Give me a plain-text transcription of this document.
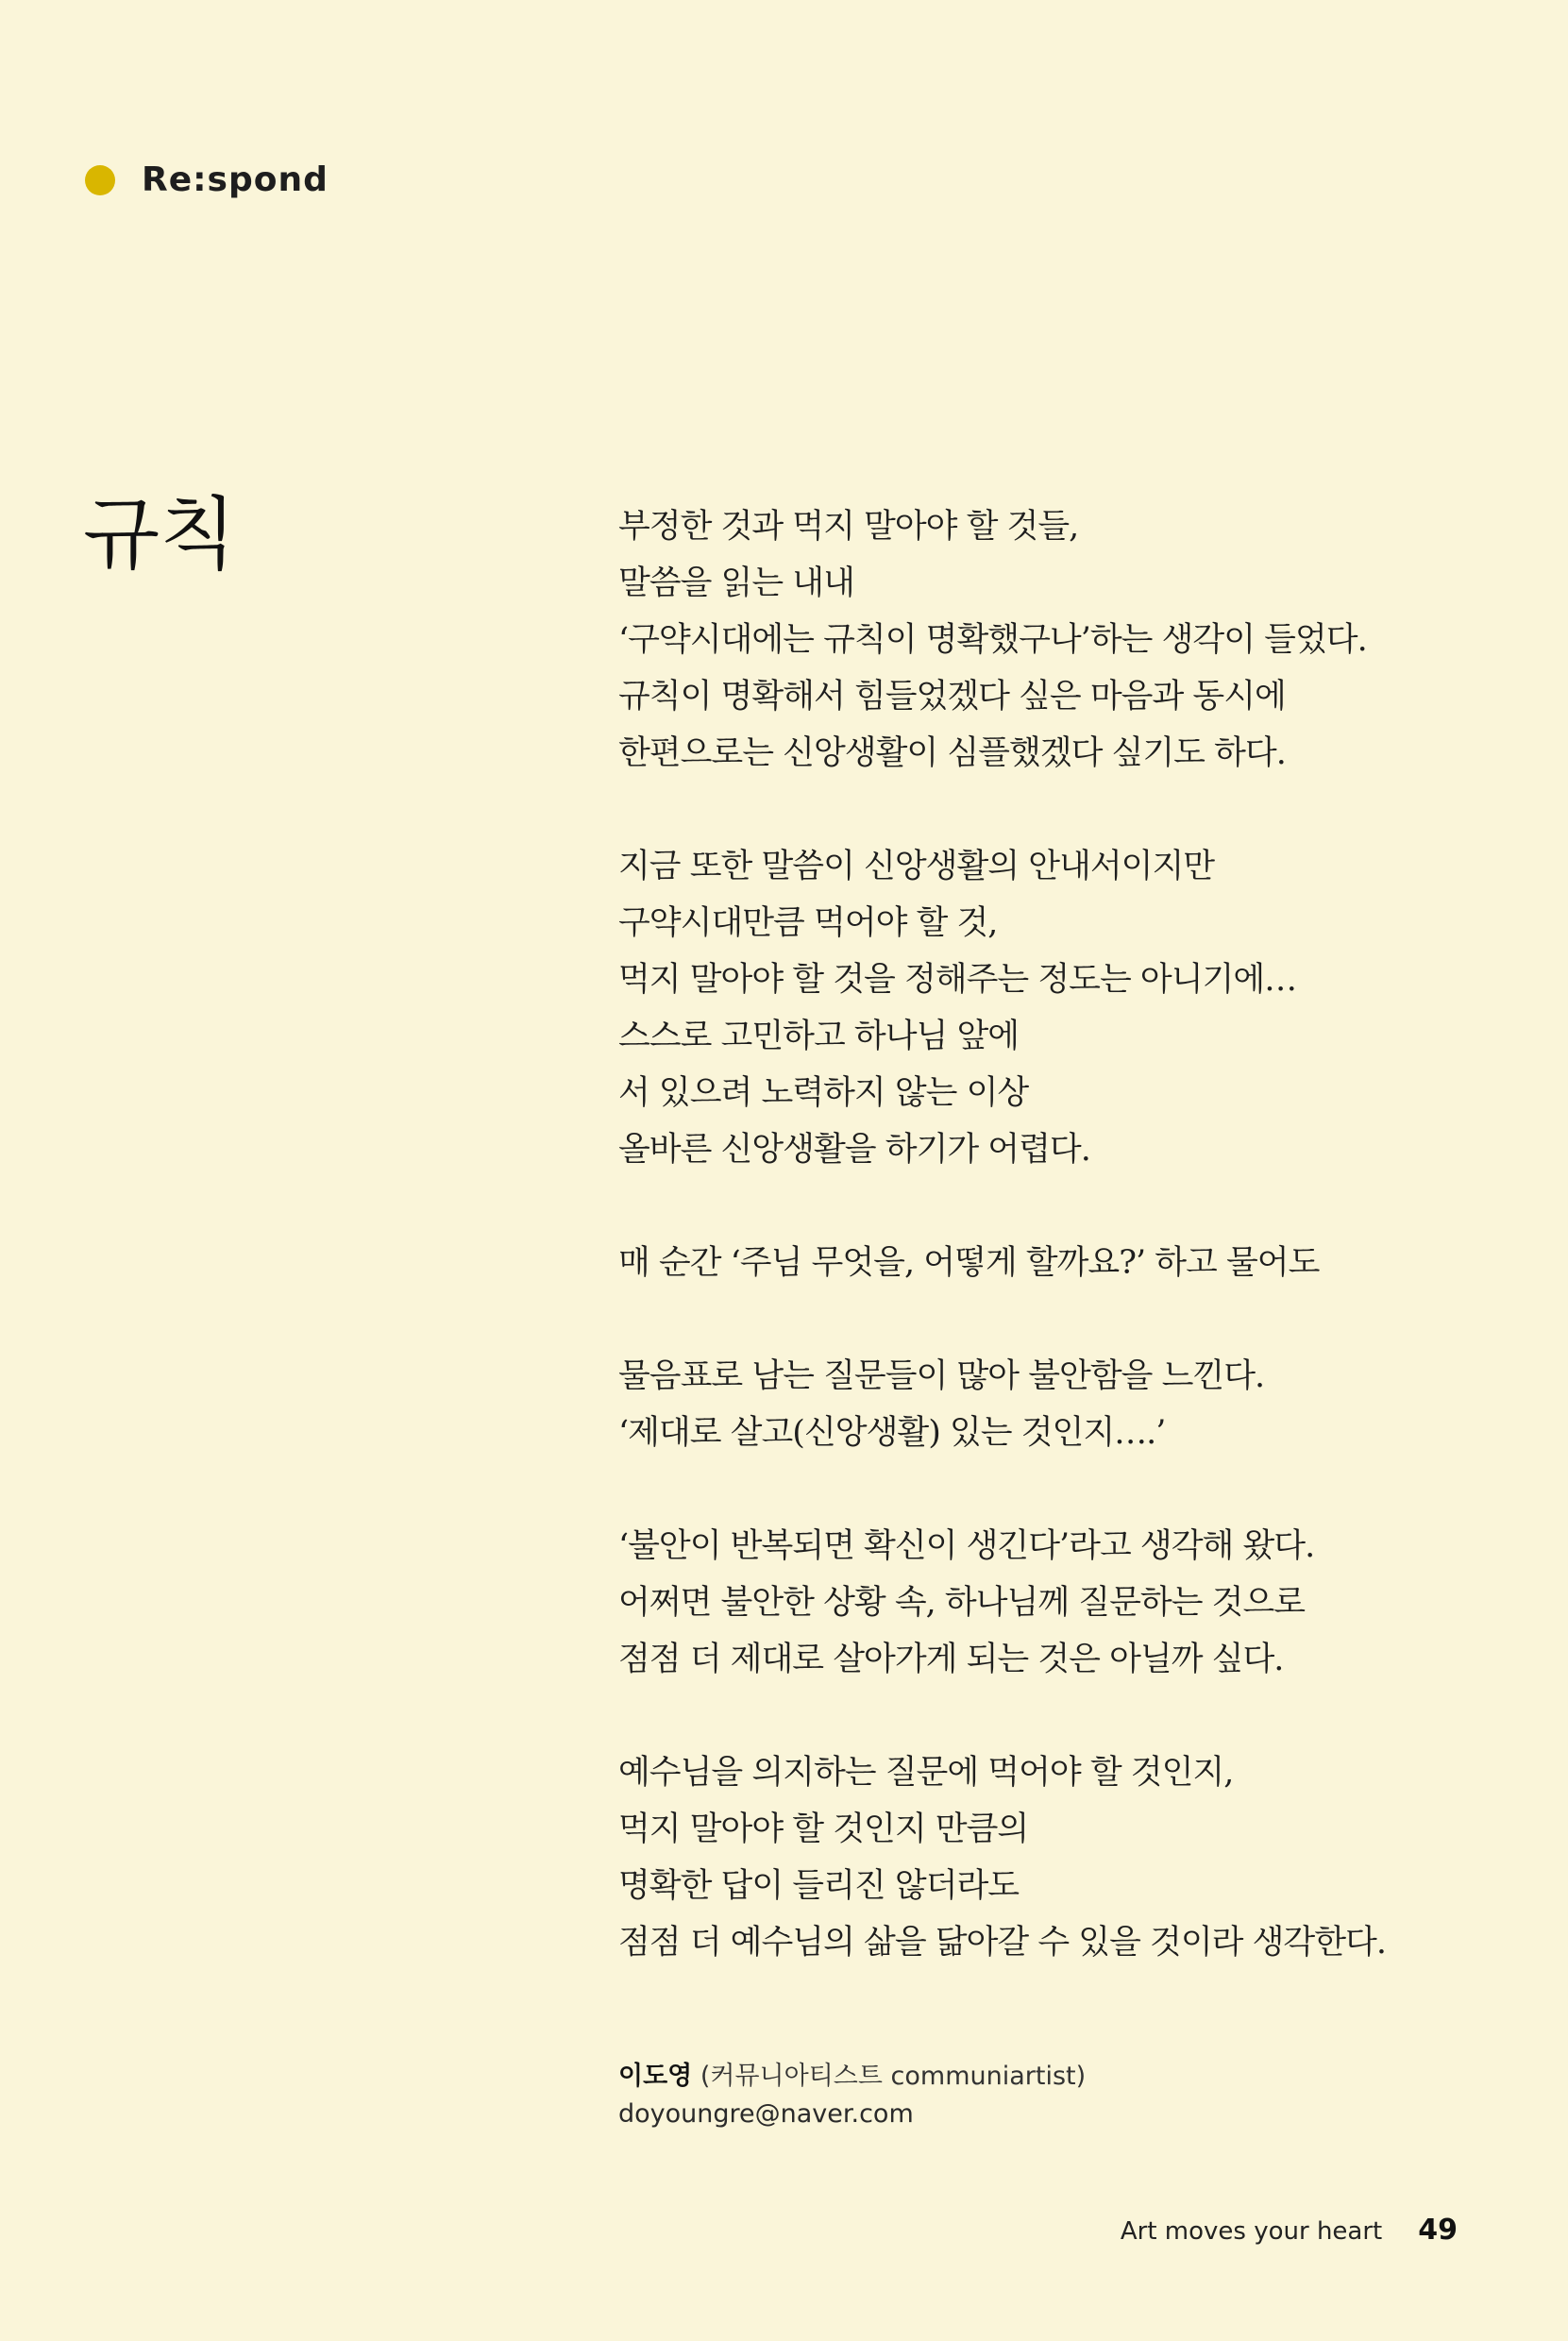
Re:spond
규칙	부정한 것과 먹지 말아야 할 것들,
말씀을 읽는 내내
‘구약시대에는 규칙이 명확했구나’하는 생각이 들었다.
규칙이 명확해서 힘들었겠다 싶은 마음과 동시에
한편으로는 신앙생활이 심플했겠다 싶기도 하다.
지금 또한 말씀이 신앙생활의 안내서이지만
구약시대만큼 먹어야 할 것,
먹지 말아야 할 것을 정해주는 정도는 아니기에…
스스로 고민하고 하나님 앞에
서 있으려 노력하지 않는 이상
올바른 신앙생활을 하기가 어렵다.
매 순간 ‘주님 무엇을, 어떻게 할까요?’ 하고 물어도
물음표로 남는 질문들이 많아 불안함을 느낀다.
‘제대로 살고(신앙생활) 있는 것인지….’
‘불안이 반복되면 확신이 생긴다’라고 생각해 왔다.
어쩌면 불안한 상황 속, 하나님께 질문하는 것으로
점점 더 제대로 살아가게 되는 것은 아닐까 싶다.
예수님을 의지하는 질문에 먹어야 할 것인지,
먹지 말아야 할 것인지 만큼의
명확한 답이 들리진 않더라도
점점 더 예수님의 삶을 닮아갈 수 있을 것이라 생각한다.
이도영 (커뮤니아티스트 communiartist)
doyoungre@naver.com
Art moves your heart 49
